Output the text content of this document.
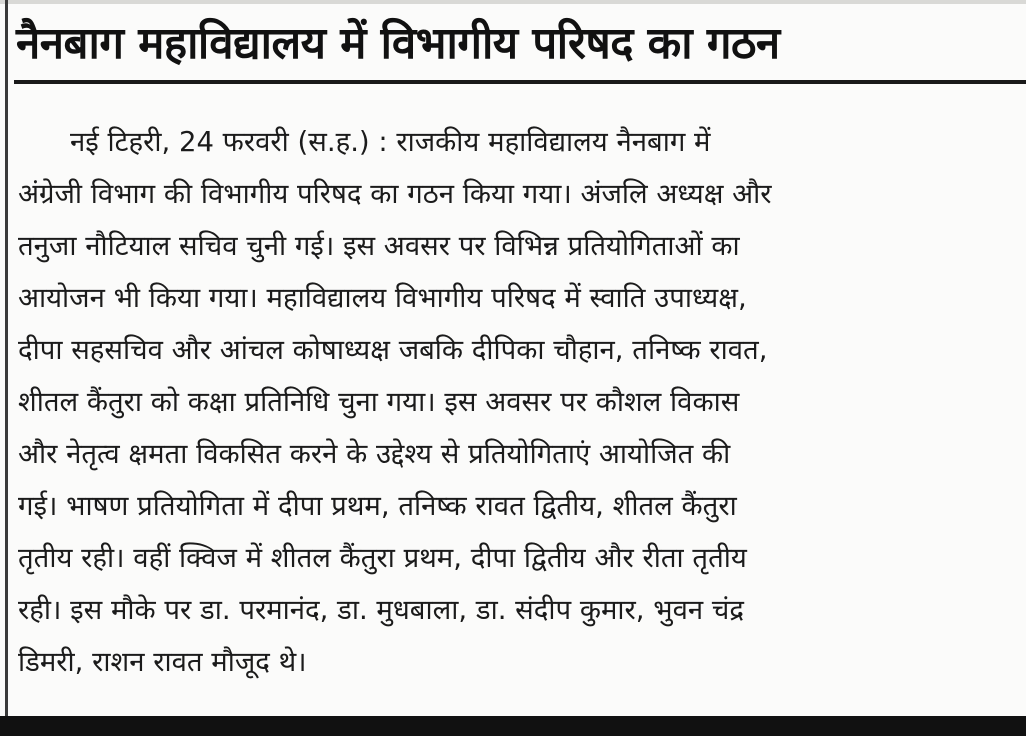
नैनबाग महाविद्यालय में विभागीय परिषद का गठन
नई टिहरी, 24 फरवरी (स.ह.) : राजकीय महाविद्यालय नैनबाग में
अंग्रेजी विभाग की विभागीय परिषद का गठन किया गया। अंजलि अध्यक्ष और
तनुजा नौटियाल सचिव चुनी गई। इस अवसर पर विभिन्न प्रतियोगिताओं का
आयोजन भी किया गया। महाविद्यालय विभागीय परिषद में स्वाति उपाध्यक्ष,
दीपा सहसचिव और आंचल कोषाध्यक्ष जबकि दीपिका चौहान, तनिष्क रावत,
शीतल कैंतुरा को कक्षा प्रतिनिधि चुना गया। इस अवसर पर कौशल विकास
और नेतृत्व क्षमता विकसित करने के उद्देश्य से प्रतियोगिताएं आयोजित की
गई। भाषण प्रतियोगिता में दीपा प्रथम, तनिष्क रावत द्वितीय, शीतल कैंतुरा
तृतीय रही। वहीं क्विज में शीतल कैंतुरा प्रथम, दीपा द्वितीय और रीता तृतीय
रही। इस मौके पर डा. परमानंद, डा. मुधबाला, डा. संदीप कुमार, भुवन चंद्र
डिमरी, राशन रावत मौजूद थे।
